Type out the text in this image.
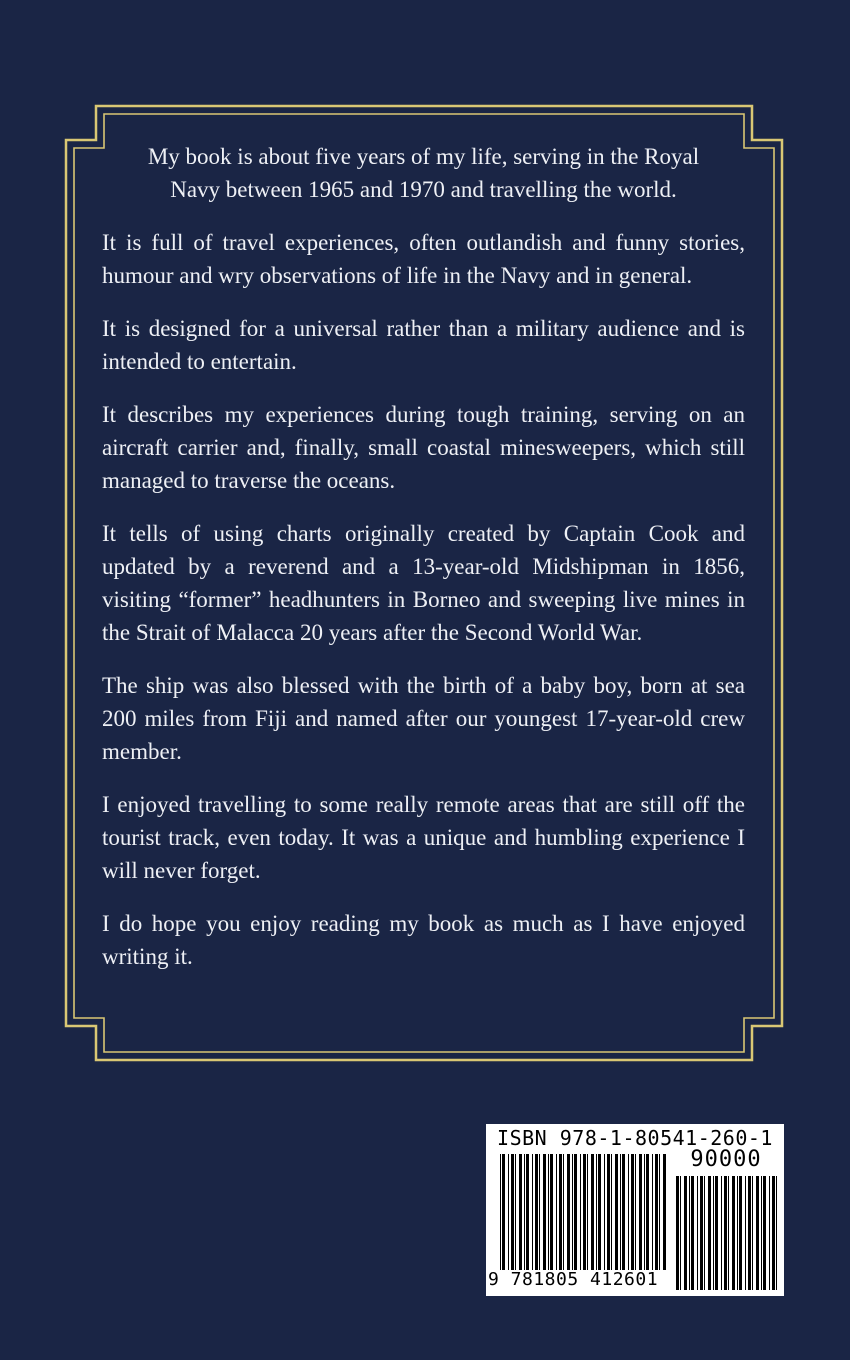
My book is about five years of my life, serving in the Royal Navy between 1965 and 1970 and travelling the world.

It is full of travel experiences, often outlandish and funny stories, humour and wry observations of life in the Navy and in general.

It is designed for a universal rather than a military audience and is intended to entertain.

It describes my experiences during tough training, serving on an aircraft carrier and, finally, small coastal minesweepers, which still managed to traverse the oceans.

It tells of using charts originally created by Captain Cook and updated by a reverend and a 13-year-old Midshipman in 1856, visiting “former” headhunters in Borneo and sweeping live mines in the Strait of Malacca 20 years after the Second World War.

The ship was also blessed with the birth of a baby boy, born at sea 200 miles from Fiji and named after our youngest 17-year-old crew member.

I enjoyed travelling to some really remote areas that are still off the tourist track, even today. It was a unique and humbling experience I will never forget.

I do hope you enjoy reading my book as much as I have enjoyed writing it.

ISBN 978-1-80541-260-1
90000
9 781805 412601
